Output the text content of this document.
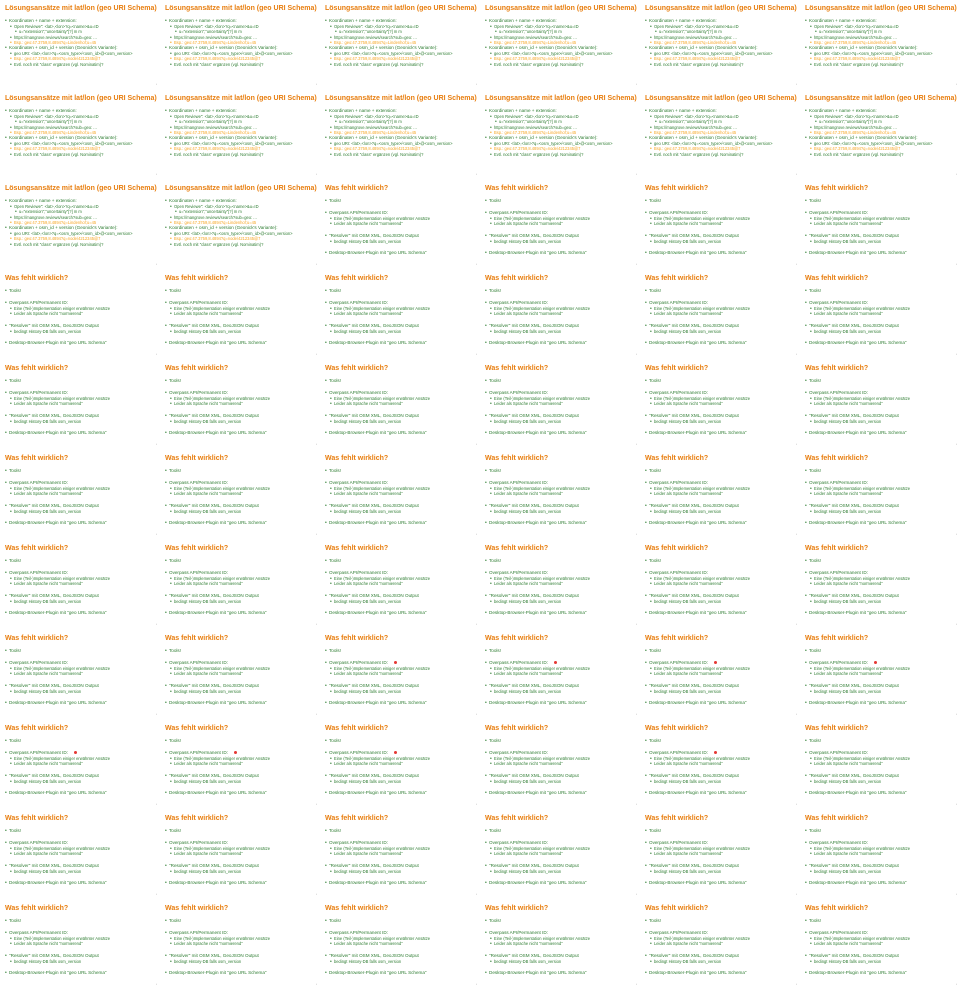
Lösungsansätze mit lat/lon (geo URI Schema)
• Koordinaten + name + extension:
• Open Reviewe": <lat>,<lon>?q=<name>&u=ID
• u="extension";"uncertainty"[?] m m
• https://mangrove.reviews/search?sub=geo: ...
• Bsp.: geo:47.3759,8.4894?q=Lindenhof;u=45
• Koordinaten + osm_id + version (Geonick's Variante):
• geo URI: <lat>,<lon>?q=<osm_type>/<osm_id>@<osm_version>
• Bsp.: geo:47.3759,8.4894?q=node/4212345@7
• Evtl. noch mit "class" ergänzen (vgl. Nominatim)?
•
Lösungsansätze mit lat/lon (geo URI Schema)
• Koordinaten + name + extension:
• Open Reviewe": <lat>,<lon>?q=<name>&u=ID
• u="extension";"uncertainty"[?] m m
• https://mangrove.reviews/search?sub=geo: ...
• Bsp.: geo:47.3759,8.4894?q=Lindenhof;u=45
• Koordinaten + osm_id + version (Geonick's Variante):
• geo URI: <lat>,<lon>?q=<osm_type>/<osm_id>@<osm_version>
• Bsp.: geo:47.3759,8.4894?q=node/4212345@7
• Evtl. noch mit "class" ergänzen (vgl. Nominatim)?
•
Lösungsansätze mit lat/lon (geo URI Schema)
• Koordinaten + name + extension:
• Open Reviewe": <lat>,<lon>?q=<name>&u=ID
• u="extension";"uncertainty"[?] m m
• https://mangrove.reviews/search?sub=geo: ...
• Bsp.: geo:47.3759,8.4894?q=Lindenhof;u=45
• Koordinaten + osm_id + version (Geonick's Variante):
• geo URI: <lat>,<lon>?q=<osm_type>/<osm_id>@<osm_version>
• Bsp.: geo:47.3759,8.4894?q=node/4212345@7
• Evtl. noch mit "class" ergänzen (vgl. Nominatim)?
•
Lösungsansätze mit lat/lon (geo URI Schema)
• Koordinaten + name + extension:
• Open Reviewe": <lat>,<lon>?q=<name>&u=ID
• u="extension";"uncertainty"[?] m m
• https://mangrove.reviews/search?sub=geo: ...
• Bsp.: geo:47.3759,8.4894?q=Lindenhof;u=45
• Koordinaten + osm_id + version (Geonick's Variante):
• geo URI: <lat>,<lon>?q=<osm_type>/<osm_id>@<osm_version>
• Bsp.: geo:47.3759,8.4894?q=node/4212345@7
• Evtl. noch mit "class" ergänzen (vgl. Nominatim)?
•
Lösungsansätze mit lat/lon (geo URI Schema)
• Koordinaten + name + extension:
• Open Reviewe": <lat>,<lon>?q=<name>&u=ID
• u="extension";"uncertainty"[?] m m
• https://mangrove.reviews/search?sub=geo: ...
• Bsp.: geo:47.3759,8.4894?q=Lindenhof;u=45
• Koordinaten + osm_id + version (Geonick's Variante):
• geo URI: <lat>,<lon>?q=<osm_type>/<osm_id>@<osm_version>
• Bsp.: geo:47.3759,8.4894?q=node/4212345@7
• Evtl. noch mit "class" ergänzen (vgl. Nominatim)?
•
Lösungsansätze mit lat/lon (geo URI Schema)
• Koordinaten + name + extension:
• Open Reviewe": <lat>,<lon>?q=<name>&u=ID
• u="extension";"uncertainty"[?] m m
• https://mangrove.reviews/search?sub=geo: ...
• Bsp.: geo:47.3759,8.4894?q=Lindenhof;u=45
• Koordinaten + osm_id + version (Geonick's Variante):
• geo URI: <lat>,<lon>?q=<osm_type>/<osm_id>@<osm_version>
• Bsp.: geo:47.3759,8.4894?q=node/4212345@7
• Evtl. noch mit "class" ergänzen (vgl. Nominatim)?
•
Lösungsansätze mit lat/lon (geo URI Schema)
• Koordinaten + name + extension:
• Open Reviewe": <lat>,<lon>?q=<name>&u=ID
• u="extension";"uncertainty"[?] m m
• https://mangrove.reviews/search?sub=geo: ...
• Bsp.: geo:47.3759,8.4894?q=Lindenhof;u=45
• Koordinaten + osm_id + version (Geonick's Variante):
• geo URI: <lat>,<lon>?q=<osm_type>/<osm_id>@<osm_version>
• Bsp.: geo:47.3759,8.4894?q=node/4212345@7
• Evtl. noch mit "class" ergänzen (vgl. Nominatim)?
•
Lösungsansätze mit lat/lon (geo URI Schema)
• Koordinaten + name + extension:
• Open Reviewe": <lat>,<lon>?q=<name>&u=ID
• u="extension";"uncertainty"[?] m m
• https://mangrove.reviews/search?sub=geo: ...
• Bsp.: geo:47.3759,8.4894?q=Lindenhof;u=45
• Koordinaten + osm_id + version (Geonick's Variante):
• geo URI: <lat>,<lon>?q=<osm_type>/<osm_id>@<osm_version>
• Bsp.: geo:47.3759,8.4894?q=node/4212345@7
• Evtl. noch mit "class" ergänzen (vgl. Nominatim)?
•
Lösungsansätze mit lat/lon (geo URI Schema)
• Koordinaten + name + extension:
• Open Reviewe": <lat>,<lon>?q=<name>&u=ID
• u="extension";"uncertainty"[?] m m
• https://mangrove.reviews/search?sub=geo: ...
• Bsp.: geo:47.3759,8.4894?q=Lindenhof;u=45
• Koordinaten + osm_id + version (Geonick's Variante):
• geo URI: <lat>,<lon>?q=<osm_type>/<osm_id>@<osm_version>
• Bsp.: geo:47.3759,8.4894?q=node/4212345@7
• Evtl. noch mit "class" ergänzen (vgl. Nominatim)?
•
Lösungsansätze mit lat/lon (geo URI Schema)
• Koordinaten + name + extension:
• Open Reviewe": <lat>,<lon>?q=<name>&u=ID
• u="extension";"uncertainty"[?] m m
• https://mangrove.reviews/search?sub=geo: ...
• Bsp.: geo:47.3759,8.4894?q=Lindenhof;u=45
• Koordinaten + osm_id + version (Geonick's Variante):
• geo URI: <lat>,<lon>?q=<osm_type>/<osm_id>@<osm_version>
• Bsp.: geo:47.3759,8.4894?q=node/4212345@7
• Evtl. noch mit "class" ergänzen (vgl. Nominatim)?
•
Lösungsansätze mit lat/lon (geo URI Schema)
• Koordinaten + name + extension:
• Open Reviewe": <lat>,<lon>?q=<name>&u=ID
• u="extension";"uncertainty"[?] m m
• https://mangrove.reviews/search?sub=geo: ...
• Bsp.: geo:47.3759,8.4894?q=Lindenhof;u=45
• Koordinaten + osm_id + version (Geonick's Variante):
• geo URI: <lat>,<lon>?q=<osm_type>/<osm_id>@<osm_version>
• Bsp.: geo:47.3759,8.4894?q=node/4212345@7
• Evtl. noch mit "class" ergänzen (vgl. Nominatim)?
•
Lösungsansätze mit lat/lon (geo URI Schema)
• Koordinaten + name + extension:
• Open Reviewe": <lat>,<lon>?q=<name>&u=ID
• u="extension";"uncertainty"[?] m m
• https://mangrove.reviews/search?sub=geo: ...
• Bsp.: geo:47.3759,8.4894?q=Lindenhof;u=45
• Koordinaten + osm_id + version (Geonick's Variante):
• geo URI: <lat>,<lon>?q=<osm_type>/<osm_id>@<osm_version>
• Bsp.: geo:47.3759,8.4894?q=node/4212345@7
• Evtl. noch mit "class" ergänzen (vgl. Nominatim)?
•
Lösungsansätze mit lat/lon (geo URI Schema)
• Koordinaten + name + extension:
• Open Reviewe": <lat>,<lon>?q=<name>&u=ID
• u="extension";"uncertainty"[?] m m
• https://mangrove.reviews/search?sub=geo: ...
• Bsp.: geo:47.3759,8.4894?q=Lindenhof;u=45
• Koordinaten + osm_id + version (Geonick's Variante):
• geo URI: <lat>,<lon>?q=<osm_type>/<osm_id>@<osm_version>
• Bsp.: geo:47.3759,8.4894?q=node/4212345@7
• Evtl. noch mit "class" ergänzen (vgl. Nominatim)?
•
Lösungsansätze mit lat/lon (geo URI Schema)
• Koordinaten + name + extension:
• Open Reviewe": <lat>,<lon>?q=<name>&u=ID
• u="extension";"uncertainty"[?] m m
• https://mangrove.reviews/search?sub=geo: ...
• Bsp.: geo:47.3759,8.4894?q=Lindenhof;u=45
• Koordinaten + osm_id + version (Geonick's Variante):
• geo URI: <lat>,<lon>?q=<osm_type>/<osm_id>@<osm_version>
• Bsp.: geo:47.3759,8.4894?q=node/4212345@7
• Evtl. noch mit "class" ergänzen (vgl. Nominatim)?
•
Was fehlt wirklich?
• Tools!
• Overpass API/Permanent ID:
• Eine (Teil-)Implementation einiger erwähnter Ansätze
• Leider als Sprache nicht "normierend"
• "Resolver" mit OSM XML, GeoJSON Output
• bedingt History-DB falls osm_version
• Desktop-Browser-Plugin mit "geo URL Schema"
•
Was fehlt wirklich?
• Tools!
• Overpass API/Permanent ID:
• Eine (Teil-)Implementation einiger erwähnter Ansätze
• Leider als Sprache nicht "normierend"
• "Resolver" mit OSM XML, GeoJSON Output
• bedingt History-DB falls osm_version
• Desktop-Browser-Plugin mit "geo URL Schema"
•
Was fehlt wirklich?
• Tools!
• Overpass API/Permanent ID:
• Eine (Teil-)Implementation einiger erwähnter Ansätze
• Leider als Sprache nicht "normierend"
• "Resolver" mit OSM XML, GeoJSON Output
• bedingt History-DB falls osm_version
• Desktop-Browser-Plugin mit "geo URL Schema"
•
Was fehlt wirklich?
• Tools!
• Overpass API/Permanent ID:
• Eine (Teil-)Implementation einiger erwähnter Ansätze
• Leider als Sprache nicht "normierend"
• "Resolver" mit OSM XML, GeoJSON Output
• bedingt History-DB falls osm_version
• Desktop-Browser-Plugin mit "geo URL Schema"
•
Was fehlt wirklich?
• Tools!
• Overpass API/Permanent ID:
• Eine (Teil-)Implementation einiger erwähnter Ansätze
• Leider als Sprache nicht "normierend"
• "Resolver" mit OSM XML, GeoJSON Output
• bedingt History-DB falls osm_version
• Desktop-Browser-Plugin mit "geo URL Schema"
•
Was fehlt wirklich?
• Tools!
• Overpass API/Permanent ID:
• Eine (Teil-)Implementation einiger erwähnter Ansätze
• Leider als Sprache nicht "normierend"
• "Resolver" mit OSM XML, GeoJSON Output
• bedingt History-DB falls osm_version
• Desktop-Browser-Plugin mit "geo URL Schema"
•
Was fehlt wirklich?
• Tools!
• Overpass API/Permanent ID:
• Eine (Teil-)Implementation einiger erwähnter Ansätze
• Leider als Sprache nicht "normierend"
• "Resolver" mit OSM XML, GeoJSON Output
• bedingt History-DB falls osm_version
• Desktop-Browser-Plugin mit "geo URL Schema"
•
Was fehlt wirklich?
• Tools!
• Overpass API/Permanent ID:
• Eine (Teil-)Implementation einiger erwähnter Ansätze
• Leider als Sprache nicht "normierend"
• "Resolver" mit OSM XML, GeoJSON Output
• bedingt History-DB falls osm_version
• Desktop-Browser-Plugin mit "geo URL Schema"
•
Was fehlt wirklich?
• Tools!
• Overpass API/Permanent ID:
• Eine (Teil-)Implementation einiger erwähnter Ansätze
• Leider als Sprache nicht "normierend"
• "Resolver" mit OSM XML, GeoJSON Output
• bedingt History-DB falls osm_version
• Desktop-Browser-Plugin mit "geo URL Schema"
•
Was fehlt wirklich?
• Tools!
• Overpass API/Permanent ID:
• Eine (Teil-)Implementation einiger erwähnter Ansätze
• Leider als Sprache nicht "normierend"
• "Resolver" mit OSM XML, GeoJSON Output
• bedingt History-DB falls osm_version
• Desktop-Browser-Plugin mit "geo URL Schema"
•
Was fehlt wirklich?
• Tools!
• Overpass API/Permanent ID:
• Eine (Teil-)Implementation einiger erwähnter Ansätze
• Leider als Sprache nicht "normierend"
• "Resolver" mit OSM XML, GeoJSON Output
• bedingt History-DB falls osm_version
• Desktop-Browser-Plugin mit "geo URL Schema"
•
Was fehlt wirklich?
• Tools!
• Overpass API/Permanent ID:
• Eine (Teil-)Implementation einiger erwähnter Ansätze
• Leider als Sprache nicht "normierend"
• "Resolver" mit OSM XML, GeoJSON Output
• bedingt History-DB falls osm_version
• Desktop-Browser-Plugin mit "geo URL Schema"
•
Was fehlt wirklich?
• Tools!
• Overpass API/Permanent ID:
• Eine (Teil-)Implementation einiger erwähnter Ansätze
• Leider als Sprache nicht "normierend"
• "Resolver" mit OSM XML, GeoJSON Output
• bedingt History-DB falls osm_version
• Desktop-Browser-Plugin mit "geo URL Schema"
•
Was fehlt wirklich?
• Tools!
• Overpass API/Permanent ID:
• Eine (Teil-)Implementation einiger erwähnter Ansätze
• Leider als Sprache nicht "normierend"
• "Resolver" mit OSM XML, GeoJSON Output
• bedingt History-DB falls osm_version
• Desktop-Browser-Plugin mit "geo URL Schema"
•
Was fehlt wirklich?
• Tools!
• Overpass API/Permanent ID:
• Eine (Teil-)Implementation einiger erwähnter Ansätze
• Leider als Sprache nicht "normierend"
• "Resolver" mit OSM XML, GeoJSON Output
• bedingt History-DB falls osm_version
• Desktop-Browser-Plugin mit "geo URL Schema"
•
Was fehlt wirklich?
• Tools!
• Overpass API/Permanent ID:
• Eine (Teil-)Implementation einiger erwähnter Ansätze
• Leider als Sprache nicht "normierend"
• "Resolver" mit OSM XML, GeoJSON Output
• bedingt History-DB falls osm_version
• Desktop-Browser-Plugin mit "geo URL Schema"
•
Was fehlt wirklich?
• Tools!
• Overpass API/Permanent ID:
• Eine (Teil-)Implementation einiger erwähnter Ansätze
• Leider als Sprache nicht "normierend"
• "Resolver" mit OSM XML, GeoJSON Output
• bedingt History-DB falls osm_version
• Desktop-Browser-Plugin mit "geo URL Schema"
•
Was fehlt wirklich?
• Tools!
• Overpass API/Permanent ID:
• Eine (Teil-)Implementation einiger erwähnter Ansätze
• Leider als Sprache nicht "normierend"
• "Resolver" mit OSM XML, GeoJSON Output
• bedingt History-DB falls osm_version
• Desktop-Browser-Plugin mit "geo URL Schema"
•
Was fehlt wirklich?
• Tools!
• Overpass API/Permanent ID:
• Eine (Teil-)Implementation einiger erwähnter Ansätze
• Leider als Sprache nicht "normierend"
• "Resolver" mit OSM XML, GeoJSON Output
• bedingt History-DB falls osm_version
• Desktop-Browser-Plugin mit "geo URL Schema"
•
Was fehlt wirklich?
• Tools!
• Overpass API/Permanent ID:
• Eine (Teil-)Implementation einiger erwähnter Ansätze
• Leider als Sprache nicht "normierend"
• "Resolver" mit OSM XML, GeoJSON Output
• bedingt History-DB falls osm_version
• Desktop-Browser-Plugin mit "geo URL Schema"
•
Was fehlt wirklich?
• Tools!
• Overpass API/Permanent ID:
• Eine (Teil-)Implementation einiger erwähnter Ansätze
• Leider als Sprache nicht "normierend"
• "Resolver" mit OSM XML, GeoJSON Output
• bedingt History-DB falls osm_version
• Desktop-Browser-Plugin mit "geo URL Schema"
•
Was fehlt wirklich?
• Tools!
• Overpass API/Permanent ID:
• Eine (Teil-)Implementation einiger erwähnter Ansätze
• Leider als Sprache nicht "normierend"
• "Resolver" mit OSM XML, GeoJSON Output
• bedingt History-DB falls osm_version
• Desktop-Browser-Plugin mit "geo URL Schema"
•
Was fehlt wirklich?
• Tools!
• Overpass API/Permanent ID:
• Eine (Teil-)Implementation einiger erwähnter Ansätze
• Leider als Sprache nicht "normierend"
• "Resolver" mit OSM XML, GeoJSON Output
• bedingt History-DB falls osm_version
• Desktop-Browser-Plugin mit "geo URL Schema"
•
Was fehlt wirklich?
• Tools!
• Overpass API/Permanent ID:
• Eine (Teil-)Implementation einiger erwähnter Ansätze
• Leider als Sprache nicht "normierend"
• "Resolver" mit OSM XML, GeoJSON Output
• bedingt History-DB falls osm_version
• Desktop-Browser-Plugin mit "geo URL Schema"
•
Was fehlt wirklich?
• Tools!
• Overpass API/Permanent ID:
• Eine (Teil-)Implementation einiger erwähnter Ansätze
• Leider als Sprache nicht "normierend"
• "Resolver" mit OSM XML, GeoJSON Output
• bedingt History-DB falls osm_version
• Desktop-Browser-Plugin mit "geo URL Schema"
•
Was fehlt wirklich?
• Tools!
• Overpass API/Permanent ID:
• Eine (Teil-)Implementation einiger erwähnter Ansätze
• Leider als Sprache nicht "normierend"
• "Resolver" mit OSM XML, GeoJSON Output
• bedingt History-DB falls osm_version
• Desktop-Browser-Plugin mit "geo URL Schema"
•
Was fehlt wirklich?
• Tools!
• Overpass API/Permanent ID:
• Eine (Teil-)Implementation einiger erwähnter Ansätze
• Leider als Sprache nicht "normierend"
• "Resolver" mit OSM XML, GeoJSON Output
• bedingt History-DB falls osm_version
• Desktop-Browser-Plugin mit "geo URL Schema"
•
Was fehlt wirklich?
• Tools!
• Overpass API/Permanent ID:
• Eine (Teil-)Implementation einiger erwähnter Ansätze
• Leider als Sprache nicht "normierend"
• "Resolver" mit OSM XML, GeoJSON Output
• bedingt History-DB falls osm_version
• Desktop-Browser-Plugin mit "geo URL Schema"
•
Was fehlt wirklich?
• Tools!
• Overpass API/Permanent ID:
• Eine (Teil-)Implementation einiger erwähnter Ansätze
• Leider als Sprache nicht "normierend"
• "Resolver" mit OSM XML, GeoJSON Output
• bedingt History-DB falls osm_version
• Desktop-Browser-Plugin mit "geo URL Schema"
•
Was fehlt wirklich?
• Tools!
• Overpass API/Permanent ID:
• Eine (Teil-)Implementation einiger erwähnter Ansätze
• Leider als Sprache nicht "normierend"
• "Resolver" mit OSM XML, GeoJSON Output
• bedingt History-DB falls osm_version
• Desktop-Browser-Plugin mit "geo URL Schema"
•
Was fehlt wirklich?
• Tools!
• Overpass API/Permanent ID:
• Eine (Teil-)Implementation einiger erwähnter Ansätze
• Leider als Sprache nicht "normierend"
• "Resolver" mit OSM XML, GeoJSON Output
• bedingt History-DB falls osm_version
• Desktop-Browser-Plugin mit "geo URL Schema"
•
Was fehlt wirklich?
• Tools!
• Overpass API/Permanent ID:
• Eine (Teil-)Implementation einiger erwähnter Ansätze
• Leider als Sprache nicht "normierend"
• "Resolver" mit OSM XML, GeoJSON Output
• bedingt History-DB falls osm_version
• Desktop-Browser-Plugin mit "geo URL Schema"
•
Was fehlt wirklich?
• Tools!
• Overpass API/Permanent ID:
• Eine (Teil-)Implementation einiger erwähnter Ansätze
• Leider als Sprache nicht "normierend"
• "Resolver" mit OSM XML, GeoJSON Output
• bedingt History-DB falls osm_version
• Desktop-Browser-Plugin mit "geo URL Schema"
•
Was fehlt wirklich?
• Tools!
• Overpass API/Permanent ID:
• Eine (Teil-)Implementation einiger erwähnter Ansätze
• Leider als Sprache nicht "normierend"
• "Resolver" mit OSM XML, GeoJSON Output
• bedingt History-DB falls osm_version
• Desktop-Browser-Plugin mit "geo URL Schema"
•
Was fehlt wirklich?
• Tools!
• Overpass API/Permanent ID:
• Eine (Teil-)Implementation einiger erwähnter Ansätze
• Leider als Sprache nicht "normierend"
• "Resolver" mit OSM XML, GeoJSON Output
• bedingt History-DB falls osm_version
• Desktop-Browser-Plugin mit "geo URL Schema"
•
Was fehlt wirklich?
• Tools!
• Overpass API/Permanent ID:
• Eine (Teil-)Implementation einiger erwähnter Ansätze
• Leider als Sprache nicht "normierend"
• "Resolver" mit OSM XML, GeoJSON Output
• bedingt History-DB falls osm_version
• Desktop-Browser-Plugin mit "geo URL Schema"
•
Was fehlt wirklich?
• Tools!
• Overpass API/Permanent ID:
• Eine (Teil-)Implementation einiger erwähnter Ansätze
• Leider als Sprache nicht "normierend"
• "Resolver" mit OSM XML, GeoJSON Output
• bedingt History-DB falls osm_version
• Desktop-Browser-Plugin mit "geo URL Schema"
•
Was fehlt wirklich?
• Tools!
• Overpass API/Permanent ID:
• Eine (Teil-)Implementation einiger erwähnter Ansätze
• Leider als Sprache nicht "normierend"
• "Resolver" mit OSM XML, GeoJSON Output
• bedingt History-DB falls osm_version
• Desktop-Browser-Plugin mit "geo URL Schema"
•
Was fehlt wirklich?
• Tools!
• Overpass API/Permanent ID:
• Eine (Teil-)Implementation einiger erwähnter Ansätze
• Leider als Sprache nicht "normierend"
• "Resolver" mit OSM XML, GeoJSON Output
• bedingt History-DB falls osm_version
• Desktop-Browser-Plugin mit "geo URL Schema"
•
Was fehlt wirklich?
• Tools!
• Overpass API/Permanent ID:
• Eine (Teil-)Implementation einiger erwähnter Ansätze
• Leider als Sprache nicht "normierend"
• "Resolver" mit OSM XML, GeoJSON Output
• bedingt History-DB falls osm_version
• Desktop-Browser-Plugin mit "geo URL Schema"
•
Was fehlt wirklich?
• Tools!
• Overpass API/Permanent ID:
• Eine (Teil-)Implementation einiger erwähnter Ansätze
• Leider als Sprache nicht "normierend"
• "Resolver" mit OSM XML, GeoJSON Output
• bedingt History-DB falls osm_version
• Desktop-Browser-Plugin mit "geo URL Schema"
•
Was fehlt wirklich?
• Tools!
• Overpass API/Permanent ID:
• Eine (Teil-)Implementation einiger erwähnter Ansätze
• Leider als Sprache nicht "normierend"
• "Resolver" mit OSM XML, GeoJSON Output
• bedingt History-DB falls osm_version
• Desktop-Browser-Plugin mit "geo URL Schema"
•
Was fehlt wirklich?
• Tools!
• Overpass API/Permanent ID:
• Eine (Teil-)Implementation einiger erwähnter Ansätze
• Leider als Sprache nicht "normierend"
• "Resolver" mit OSM XML, GeoJSON Output
• bedingt History-DB falls osm_version
• Desktop-Browser-Plugin mit "geo URL Schema"
•
Was fehlt wirklich?
• Tools!
• Overpass API/Permanent ID:
• Eine (Teil-)Implementation einiger erwähnter Ansätze
• Leider als Sprache nicht "normierend"
• "Resolver" mit OSM XML, GeoJSON Output
• bedingt History-DB falls osm_version
• Desktop-Browser-Plugin mit "geo URL Schema"
•
Was fehlt wirklich?
• Tools!
• Overpass API/Permanent ID:
• Eine (Teil-)Implementation einiger erwähnter Ansätze
• Leider als Sprache nicht "normierend"
• "Resolver" mit OSM XML, GeoJSON Output
• bedingt History-DB falls osm_version
• Desktop-Browser-Plugin mit "geo URL Schema"
•
Was fehlt wirklich?
• Tools!
• Overpass API/Permanent ID:
• Eine (Teil-)Implementation einiger erwähnter Ansätze
• Leider als Sprache nicht "normierend"
• "Resolver" mit OSM XML, GeoJSON Output
• bedingt History-DB falls osm_version
• Desktop-Browser-Plugin mit "geo URL Schema"
•
Was fehlt wirklich?
• Tools!
• Overpass API/Permanent ID:
• Eine (Teil-)Implementation einiger erwähnter Ansätze
• Leider als Sprache nicht "normierend"
• "Resolver" mit OSM XML, GeoJSON Output
• bedingt History-DB falls osm_version
• Desktop-Browser-Plugin mit "geo URL Schema"
•
Was fehlt wirklich?
• Tools!
• Overpass API/Permanent ID:
• Eine (Teil-)Implementation einiger erwähnter Ansätze
• Leider als Sprache nicht "normierend"
• "Resolver" mit OSM XML, GeoJSON Output
• bedingt History-DB falls osm_version
• Desktop-Browser-Plugin mit "geo URL Schema"
•
Was fehlt wirklich?
• Tools!
• Overpass API/Permanent ID:
• Eine (Teil-)Implementation einiger erwähnter Ansätze
• Leider als Sprache nicht "normierend"
• "Resolver" mit OSM XML, GeoJSON Output
• bedingt History-DB falls osm_version
• Desktop-Browser-Plugin mit "geo URL Schema"
•
Was fehlt wirklich?
• Tools!
• Overpass API/Permanent ID:
• Eine (Teil-)Implementation einiger erwähnter Ansätze
• Leider als Sprache nicht "normierend"
• "Resolver" mit OSM XML, GeoJSON Output
• bedingt History-DB falls osm_version
• Desktop-Browser-Plugin mit "geo URL Schema"
•
Was fehlt wirklich?
• Tools!
• Overpass API/Permanent ID:
• Eine (Teil-)Implementation einiger erwähnter Ansätze
• Leider als Sprache nicht "normierend"
• "Resolver" mit OSM XML, GeoJSON Output
• bedingt History-DB falls osm_version
• Desktop-Browser-Plugin mit "geo URL Schema"
•
Was fehlt wirklich?
• Tools!
• Overpass API/Permanent ID:
• Eine (Teil-)Implementation einiger erwähnter Ansätze
• Leider als Sprache nicht "normierend"
• "Resolver" mit OSM XML, GeoJSON Output
• bedingt History-DB falls osm_version
• Desktop-Browser-Plugin mit "geo URL Schema"
•
